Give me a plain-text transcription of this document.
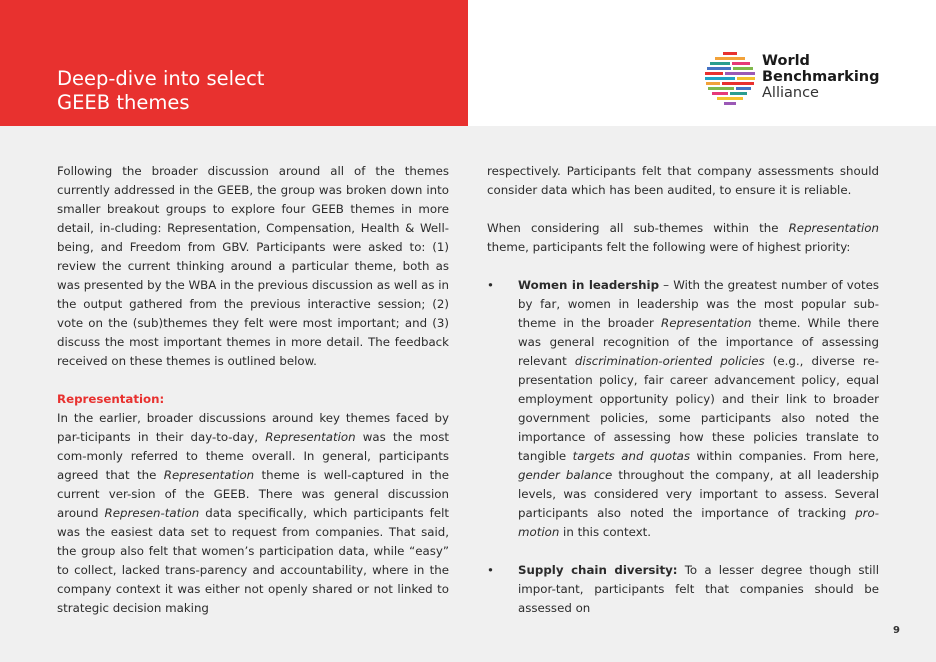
Deep-dive into select
GEEB themes
World
Benchmarking
Alliance

Following the broader discussion around all of the themes currently addressed in the GEEB, the group was broken down into smaller breakout groups to explore four GEEB themes in more detail, in-cluding: Representation, Compensation, Health & Well-being, and Freedom from GBV. Participants were asked to: (1) review the current thinking around a particular theme, both as was presented by the WBA in the previous discussion as well as in the output gathered from the previous interactive session; (2) vote on the (sub)themes they felt were most important; and (3) discuss the most important themes in more detail. The feedback received on these themes is outlined below.

Representation:

In the earlier, broader discussions around key themes faced by par-ticipants in their day-to-day, Representation was the most com-monly referred to theme overall. In general, participants agreed that the Representation theme is well-captured in the current ver-sion of the GEEB. There was general discussion around Represen-tation data specifically, which participants felt was the easiest data set to request from companies. That said, the group also felt that women’s participation data, while “easy” to collect, lacked trans-parency and accountability, where in the company context it was either not openly shared or not linked to strategic decision making

respectively. Participants felt that company assessments should consider data which has been audited, to ensure it is reliable.

When considering all sub-themes within the Representation theme, participants felt the following were of highest priority:

• Women in leadership – With the greatest number of votes by far, women in leadership was the most popular sub-theme in the broader Representation theme. While there was general recognition of the importance of assessing relevant discrimination-oriented policies (e.g., diverse re-presentation policy, fair career advancement policy, equal employment opportunity policy) and their link to broader government policies, some participants also noted the importance of assessing how these policies translate to tangible targets and quotas within companies. From here, gender balance throughout the company, at all leadership levels, was considered very important to assess. Several participants also noted the importance of tracking pro-motion in this context.
• Supply chain diversity: To a lesser degree though still impor-tant, participants felt that companies should be assessed on
9
